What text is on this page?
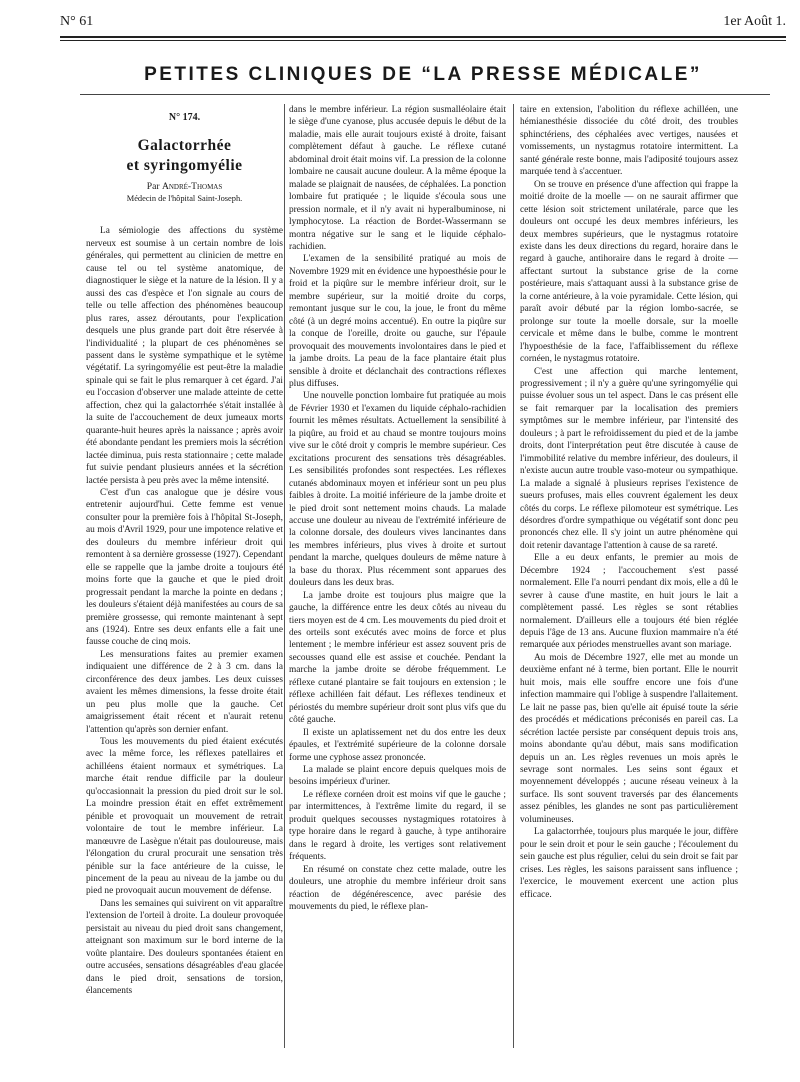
N° 61	1er Août 1.
PETITES CLINIQUES DE “LA PRESSE MÉDICALE”
N° 174.
Galactorrhée
et syringomyélie
Par André-Thomas
Médecin de l'hôpital Saint-Joseph.

La sémiologie des affections du système nerveux est soumise à un certain nombre de lois générales, qui permettent au clinicien de mettre en cause tel ou tel système anatomique, de diagnostiquer le siège et la nature de la lésion. Il y a aussi des cas d'espèce et l'on signale au cours de telle ou telle affection des phénomènes beaucoup plus rares, assez déroutants, pour l'explication desquels une plus grande part doit être réservée à l'individualité ; la plupart de ces phénomènes se passent dans le système sympathique et le sytème végétatif. La syringomyélie est peut-être la maladie spinale qui se fait le plus remarquer à cet égard. J'ai eu l'occasion d'observer une malade atteinte de cette affection, chez qui la galactorrhée s'était installée à la suite de l'accouchement de deux jumeaux morts quarante-huit heures après la naissance ; après avoir été abondante pendant les premiers mois la sécrétion lactée diminua, puis resta stationnaire ; cette malade fut suivie pendant plusieurs années et la sécrétion lactée persista à peu près avec la même intensité.

C'est d'un cas analogue que je désire vous entretenir aujourd'hui. Cette femme est venue consulter pour la première fois à l'hôpital St-Joseph, au mois d'Avril 1929, pour une impotence relative et des douleurs du membre inférieur droit qui remontent à sa dernière grossesse (1927). Cependant elle se rappelle que la jambe droite a toujours été moins forte que la gauche et que le pied droit progressait pendant la marche la pointe en dedans ; les douleurs s'étaient déjà manifestées au cours de sa première grossesse, qui remonte maintenant à sept ans (1924). Entre ses deux enfants elle a fait une fausse couche de cinq mois.

Les mensurations faites au premier examen indiquaient une différence de 2 à 3 cm. dans la circonférence des deux jambes. Les deux cuisses avaient les mêmes dimensions, la fesse droite était un peu plus molle que la gauche. Cet amaigrissement était récent et n'aurait retenu l'attention qu'après son dernier enfant.

Tous les mouvements du pied étaient exécutés avec la même force, les réflexes patellaires et achilléens étaient normaux et symétriques. La marche était rendue difficile par la douleur qu'occasionnait la pression du pied droit sur le sol. La moindre pression était en effet extrêmement pénible et provoquait un mouvement de retrait volontaire de tout le membre inférieur. La manœuvre de Lasègue n'était pas douloureuse, mais l'élongation du crural procurait une sensation très pénible sur la face antérieure de la cuisse, le pincement de la peau au niveau de la jambe ou du pied ne provoquait aucun mouvement de défense.

Dans les semaines qui suivirent on vit apparaître l'extension de l'orteil à droite. La douleur provoquée persistait au niveau du pied droit sans changement, atteignant son maximum sur le bord interne de la voûte plantaire. Des douleurs spontanées étaient en outre accusées, sensations désagréables d'eau glacée dans le pied droit, sensations de torsion, élancements

dans le membre inférieur. La région susmalléolaire était le siège d'une cyanose, plus accusée depuis le début de la maladie, mais elle aurait toujours existé à droite, faisant complètement défaut à gauche. Le réflexe cutané abdominal droit était moins vif. La pression de la colonne lombaire ne causait aucune douleur. A la même époque la malade se plaignait de nausées, de céphalées. La ponction lombaire fut pratiquée ; le liquide s'écoula sous une pression normale, et il n'y avait ni hyperalbuminose, ni lymphocytose. La réaction de Bordet-Wassermann se montra négative sur le sang et le liquide céphalo-rachidien.

L'examen de la sensibilité pratiqué au mois de Novembre 1929 mit en évidence une hypoesthésie pour le froid et la piqûre sur le membre inférieur droit, sur le membre supérieur, sur la moitié droite du corps, remontant jusque sur le cou, la joue, le front du même côté (à un degré moins accentué). En outre la piqûre sur la conque de l'oreille, droite ou gauche, sur l'épaule provoquait des mouvements involontaires dans le pied et la jambe droits. La peau de la face plantaire était plus sensible à droite et déclanchait des contractions réflexes plus diffuses.

Une nouvelle ponction lombaire fut pratiquée au mois de Février 1930 et l'examen du liquide céphalo-rachidien fournit les mêmes résultats. Actuellement la sensibilité à la piqûre, au froid et au chaud se montre toujours moins vive sur le côté droit y compris le membre supérieur. Ces excitations procurent des sensations très désagréables. Les sensibilités profondes sont respectées. Les réflexes cutanés abdominaux moyen et inférieur sont un peu plus faibles à droite. La moitié inférieure de la jambe droite et le pied droit sont nettement moins chauds. La malade accuse une douleur au niveau de l'extrémité inférieure de la colonne dorsale, des douleurs vives lancinantes dans les membres inférieurs, plus vives à droite et surtout pendant la marche, quelques douleurs de même nature à la base du thorax. Plus récemment sont apparues des douleurs dans les deux bras.

La jambe droite est toujours plus maigre que la gauche, la différence entre les deux côtés au niveau du tiers moyen est de 4 cm. Les mouvements du pied droit et des orteils sont exécutés avec moins de force et plus lentement ; le membre inférieur est assez souvent pris de secousses quand elle est assise et couchée. Pendant la marche la jambe droite se dérobe fréquemment. Le réflexe cutané plantaire se fait toujours en extension ; le réflexe achilléen fait défaut. Les réflexes tendineux et périostés du membre supérieur droit sont plus vifs que du côté gauche.

Il existe un aplatissement net du dos entre les deux épaules, et l'extrémité supérieure de la colonne dorsale forme une cyphose assez prononcée.

La malade se plaint encore depuis quelques mois de besoins impérieux d'uriner.

Le réflexe cornéen droit est moins vif que le gauche ; par intermittences, à l'extrême limite du regard, il se produit quelques secousses nystagmiques rotatoires à type horaire dans le regard à gauche, à type antihoraire dans le regard à droite, les vertiges sont relativement fréquents.

En résumé on constate chez cette malade, outre les douleurs, une atrophie du membre inférieur droit sans réaction de dégénérescence, avec parésie des mouvements du pied, le réflexe plan-

taire en extension, l'abolition du réflexe achilléen, une hémianesthésie dissociée du côté droit, des troubles sphinctériens, des céphalées avec vertiges, nausées et vomissements, un nystagmus rotatoire intermittent. La santé générale reste bonne, mais l'adiposité toujours assez marquée tend à s'accentuer.

On se trouve en présence d'une affection qui frappe la moitié droite de la moelle — on ne saurait affirmer que cette lésion soit strictement unilatérale, parce que les douleurs ont occupé les deux membres inférieurs, les deux membres supérieurs, que le nystagmus rotatoire existe dans les deux directions du regard, horaire dans le regard à gauche, antihoraire dans le regard à droite — affectant surtout la substance grise de la corne postérieure, mais s'attaquant aussi à la substance grise de la corne antérieure, à la voie pyramidale. Cette lésion, qui paraît avoir débuté par la région lombo-sacrée, se prolonge sur toute la moelle dorsale, sur la moelle cervicale et même dans le bulbe, comme le montrent l'hypoesthésie de la face, l'affaiblissement du réflexe cornéen, le nystagmus rotatoire.

C'est une affection qui marche lentement, progressivement ; il n'y a guère qu'une syringomyélie qui puisse évoluer sous un tel aspect. Dans le cas présent elle se fait remarquer par la localisation des premiers symptômes sur le membre inférieur, par l'intensité des douleurs ; à part le refroidissement du pied et de la jambe droits, dont l'interprétation peut être discutée à cause de l'immobilité relative du membre inférieur, des douleurs, il n'existe aucun autre trouble vaso-moteur ou sympathique. La malade a signalé à plusieurs reprises l'existence de sueurs profuses, mais elles couvrent également les deux côtés du corps. Le réflexe pilomoteur est symétrique. Les désordres d'ordre sympathique ou végétatif sont donc peu prononcés chez elle. Il s'y joint un autre phénomène qui doit retenir davantage l'attention à cause de sa rareté.

Elle a eu deux enfants, le premier au mois de Décembre 1924 ; l'accouchement s'est passé normalement. Elle l'a nourri pendant dix mois, elle a dû le sevrer à cause d'une mastite, en huit jours le lait a complètement passé. Les règles se sont rétablies normalement. D'ailleurs elle a toujours été bien réglée depuis l'âge de 13 ans. Aucune fluxion mammaire n'a été remarquée aux périodes menstruelles avant son mariage.

Au mois de Décembre 1927, elle met au monde un deuxième enfant né à terme, bien portant. Elle le nourrit huit mois, mais elle souffre encore une fois d'une infection mammaire qui l'oblige à suspendre l'allaitement. Le lait ne passe pas, bien qu'elle ait épuisé toute la série des procédés et médications préconisés en pareil cas. La sécrétion lactée persiste par conséquent depuis trois ans, moins abondante qu'au début, mais sans modification depuis un an. Les règles revenues un mois après le sevrage sont normales. Les seins sont égaux et moyennement développés ; aucune réseau veineux à la surface. Ils sont souvent traversés par des élancements assez pénibles, les glandes ne sont pas particulièrement volumineuses.

La galactorrhée, toujours plus marquée le jour, diffère pour le sein droit et pour le sein gauche ; l'écoulement du sein gauche est plus régulier, celui du sein droit se fait par crises. Les règles, les saisons paraissent sans influence ; l'exercice, le mouvement exercent une action plus efficace.
